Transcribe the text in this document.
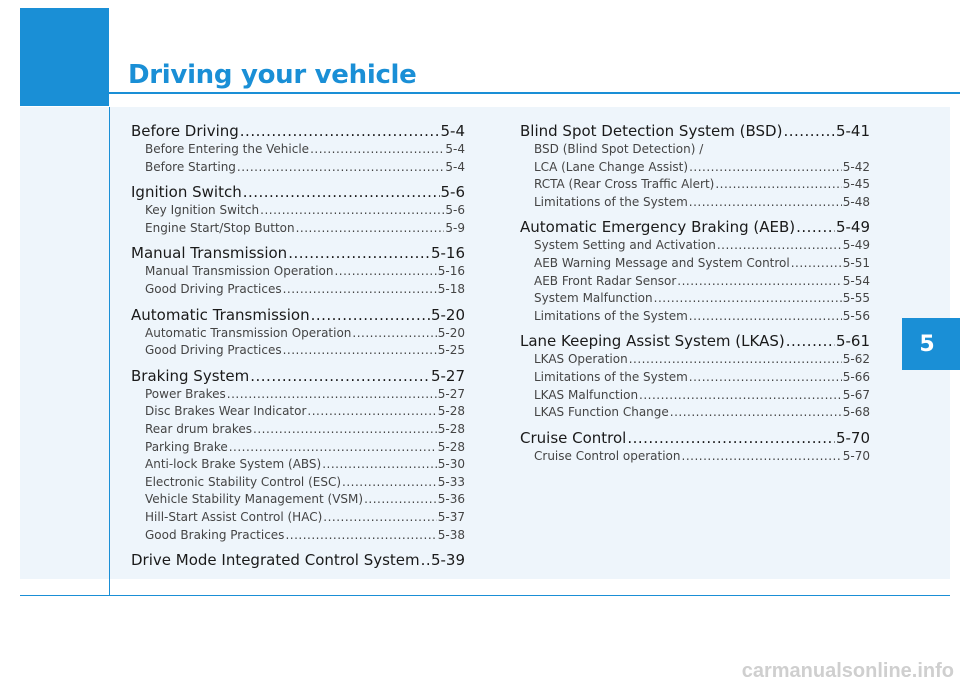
Driving your vehicle
5
Before Driving .....	5-4
Before Entering the Vehicle .....	5-4
Before Starting .....	5-4
Ignition Switch .....	5-6
Key Ignition Switch .....	5-6
Engine Start/Stop Button .....	5-9
Manual Transmission .....	5-16
Manual Transmission Operation .....	5-16
Good Driving Practices .....	5-18
Automatic Transmission .....	5-20
Automatic Transmission Operation .....	5-20
Good Driving Practices .....	5-25
Braking System .....	5-27
Power Brakes .....	5-27
Disc Brakes Wear Indicator .....	5-28
Rear drum brakes .....	5-28
Parking Brake .....	5-28
Anti-lock Brake System (ABS) .....	5-30
Electronic Stability Control (ESC) .....	5-33
Vehicle Stability Management (VSM) .....	5-36
Hill-Start Assist Control (HAC) .....	5-37
Good Braking Practices .....	5-38
Drive Mode Integrated Control System ..... 5-39
Blind Spot Detection System (BSD) .....	5-41
BSD (Blind Spot Detection) /
LCA (Lane Change Assist) .....	5-42
RCTA (Rear Cross Traffic Alert) .....	5-45
Limitations of the System .....	5-48
Automatic Emergency Braking (AEB) .....	5-49
System Setting and Activation .....	5-49
AEB Warning Message and System Control .....	5-51
AEB Front Radar Sensor .....	5-54
System Malfunction .....	5-55
Limitations of the System .....	5-56
Lane Keeping Assist System (LKAS) .....	5-61
LKAS Operation .....	5-62
Limitations of the System .....	5-66
LKAS Malfunction .....	5-67
LKAS Function Change .....	5-68
Cruise Control .....	5-70
Cruise Control operation .....	5-70
carmanualsonline.info
